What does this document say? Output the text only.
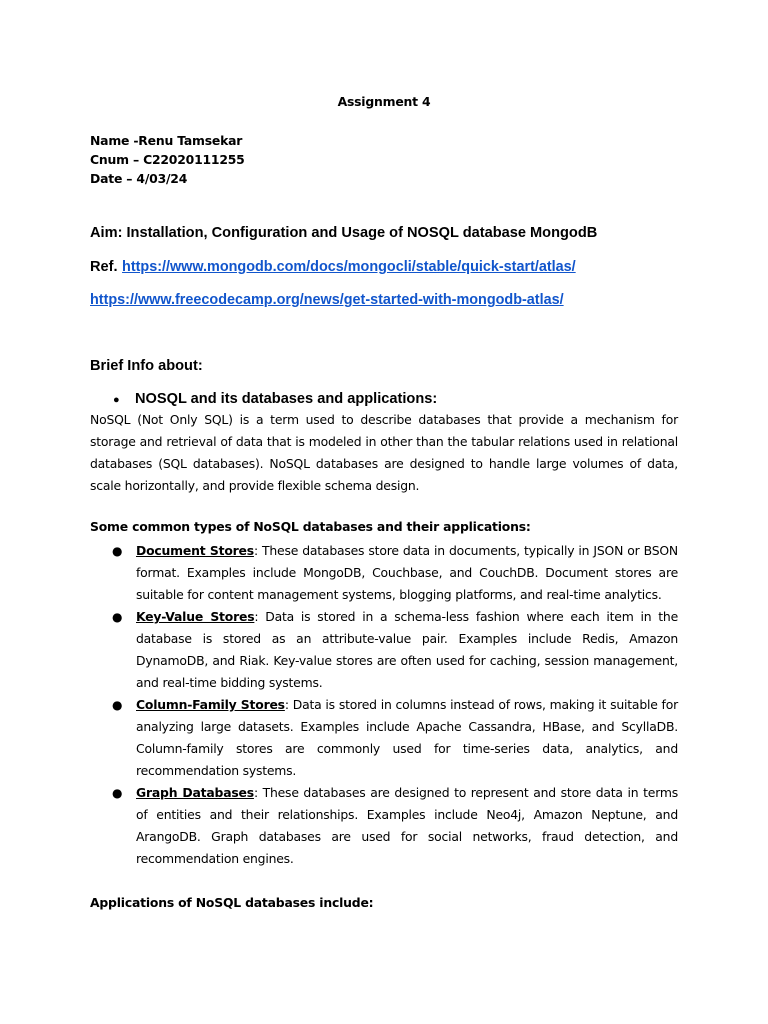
Assignment 4
Name -Renu Tamsekar
Cnum – C22020111255
Date – 4/03/24
Aim: Installation, Configuration and Usage of NOSQL database MongodB
Ref. https://www.mongodb.com/docs/mongocli/stable/quick-start/atlas/
https://www.freecodecamp.org/news/get-started-with-mongodb-atlas/
Brief Info about:
● NOSQL and its databases and applications:
NoSQL (Not Only SQL) is a term used to describe databases that provide a mechanism for storage and retrieval of data that is modeled in other than the tabular relations used in relational databases (SQL databases). NoSQL databases are designed to handle large volumes of data, scale horizontally, and provide flexible schema design.
Some common types of NoSQL databases and their applications:
● Document Stores: These databases store data in documents, typically in JSON or BSON format. Examples include MongoDB, Couchbase, and CouchDB. Document stores are suitable for content management systems, blogging platforms, and real-time analytics.
● Key-Value Stores: Data is stored in a schema-less fashion where each item in the database is stored as an attribute-value pair. Examples include Redis, Amazon DynamoDB, and Riak. Key-value stores are often used for caching, session management, and real-time bidding systems.
● Column-Family Stores: Data is stored in columns instead of rows, making it suitable for analyzing large datasets. Examples include Apache Cassandra, HBase, and ScyllaDB. Column-family stores are commonly used for time-series data, analytics, and recommendation systems.
● Graph Databases: These databases are designed to represent and store data in terms of entities and their relationships. Examples include Neo4j, Amazon Neptune, and ArangoDB. Graph databases are used for social networks, fraud detection, and recommendation engines.
Applications of NoSQL databases include:
